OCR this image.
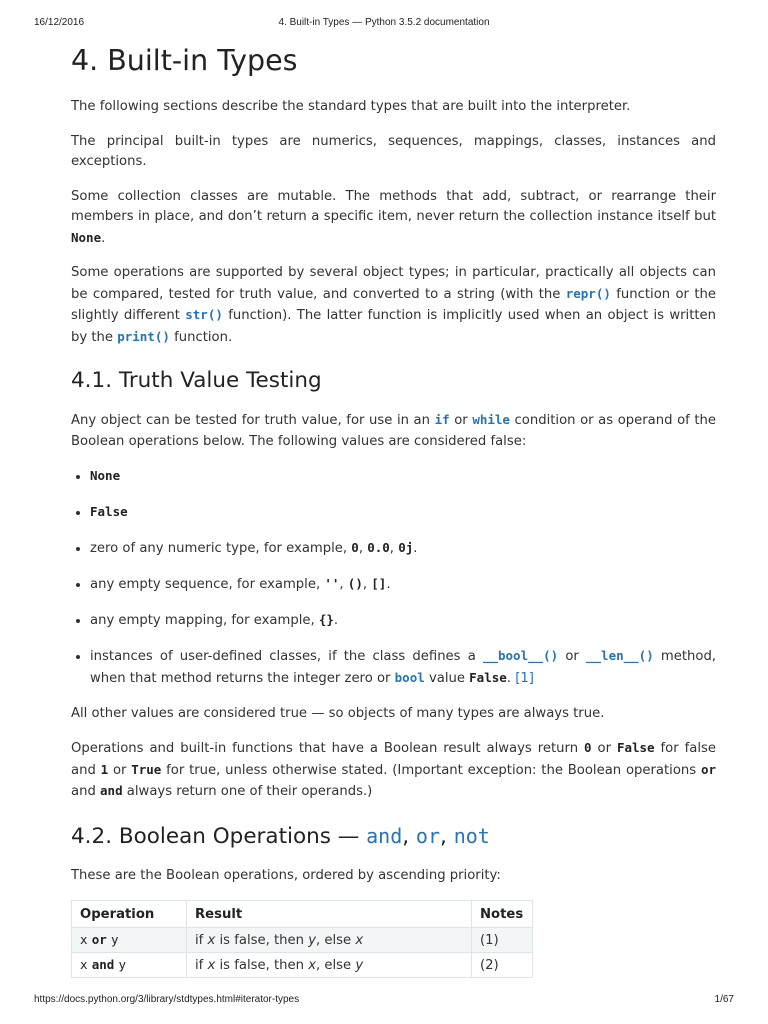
16/12/2016	4. Built-in Types — Python 3.5.2 documentation
4. Built-in Types

The following sections describe the standard types that are built into the interpreter.

The principal built-in types are numerics, sequences, mappings, classes, instances and exceptions.

Some collection classes are mutable. The methods that add, subtract, or rearrange their members in place, and don’t return a specific item, never return the collection instance itself but None.

Some operations are supported by several object types; in particular, practically all objects can be compared, tested for truth value, and converted to a string (with the repr() function or the slightly different str() function). The latter function is implicitly used when an object is written by the print() function.

4.1. Truth Value Testing

Any object can be tested for truth value, for use in an if or while condition or as operand of the Boolean operations below. The following values are considered false:

• None
• False
• zero of any numeric type, for example, 0, 0.0, 0j.
• any empty sequence, for example, '', (), [].
• any empty mapping, for example, {}.
• instances of user-defined classes, if the class defines a __bool__() or __len__() method, when that method returns the integer zero or bool value False. [1]

All other values are considered true — so objects of many types are always true.

Operations and built-in functions that have a Boolean result always return 0 or False for false and 1 or True for true, unless otherwise stated. (Important exception: the Boolean operations or and and always return one of their operands.)

4.2. Boolean Operations — and, or, not

These are the Boolean operations, ordered by ascending priority:

Operation	Result	Notes
x or y	if x is false, then y, else x	(1)
x and y	if x is false, then x, else y	(2)
https://docs.python.org/3/library/stdtypes.html#iterator-types	1/67
